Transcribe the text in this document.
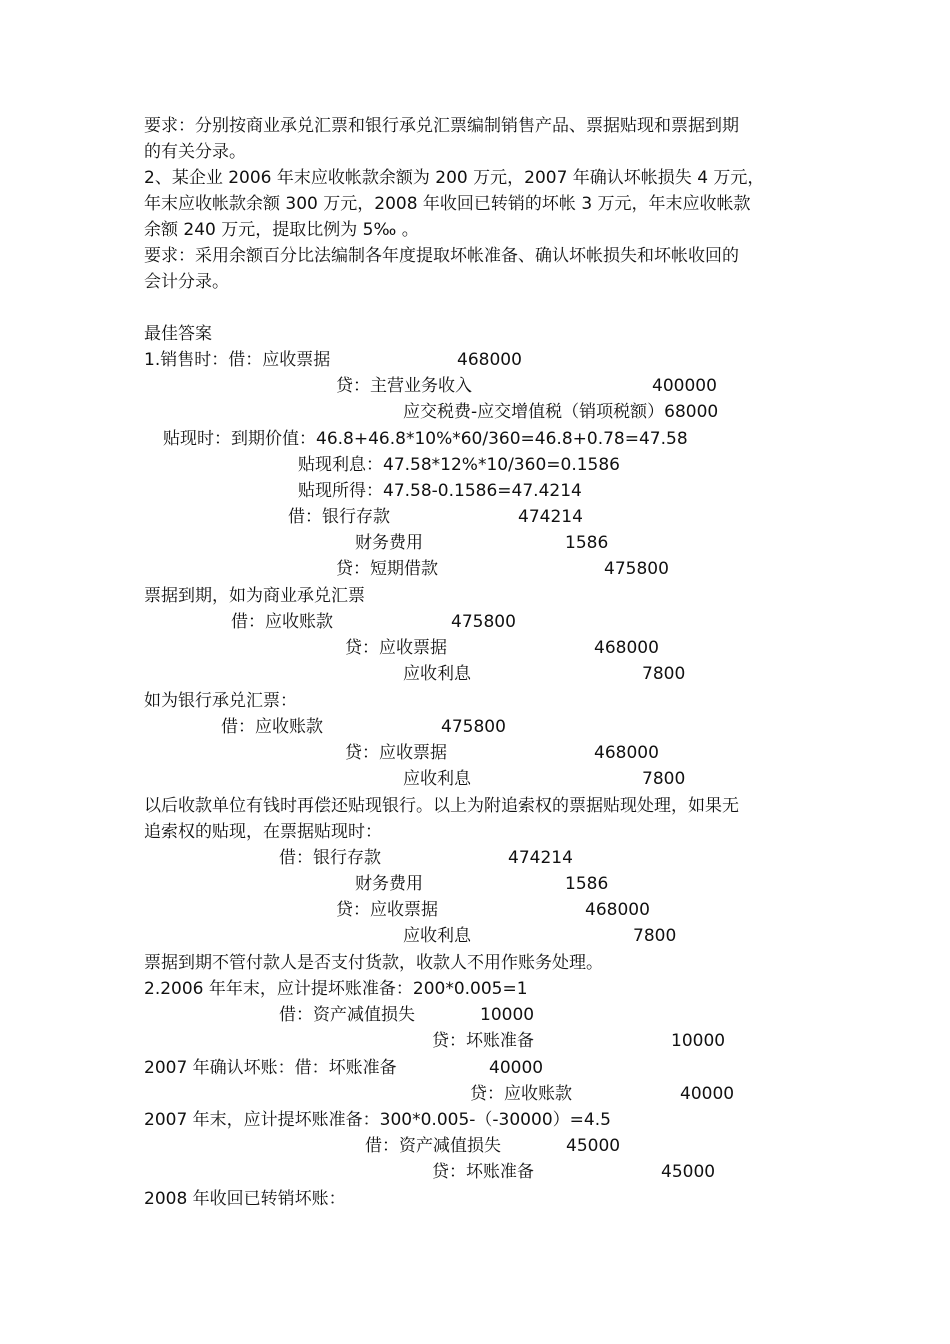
要求：分别按商业承兑汇票和银行承兑汇票编制销售产品、票据贴现和票据到期
的有关分录。
2、某企业 2006 年末应收帐款余额为 200 万元，2007 年确认坏帐损失 4 万元，
年末应收帐款余额 300 万元，2008 年收回已转销的坏帐 3 万元，年末应收帐款
余额 240 万元，提取比例为 5‰ 。
要求：采用余额百分比法编制各年度提取坏帐准备、确认坏帐损失和坏帐收回的
会计分录。
最佳答案
1.销售时：借：应收票据	468000
贷：主营业务收入	400000
应交税费-应交增值税（销项税额）68000
贴现时：到期价值：46.8+46.8*10%*60/360=46.8+0.78=47.58
贴现利息：47.58*12%*10/360=0.1586
贴现所得：47.58-0.1586=47.4214
借：银行存款	474214
财务费用	1586
贷：短期借款	475800
票据到期，如为商业承兑汇票
借：应收账款	475800
贷：应收票据	468000
应收利息	7800
如为银行承兑汇票：
借：应收账款	475800
贷：应收票据	468000
应收利息	7800
以后收款单位有钱时再偿还贴现银行。以上为附追索权的票据贴现处理，如果无
追索权的贴现，在票据贴现时：
借：银行存款	474214
财务费用	1586
贷：应收票据	468000
应收利息	7800
票据到期不管付款人是否支付货款，收款人不用作账务处理。
2.2006 年年末，应计提坏账准备：200*0.005=1
借：资产减值损失	10000
贷：坏账准备	10000
2007 年确认坏账：借：坏账准备	40000
贷：应收账款	40000
2007 年末，应计提坏账准备：300*0.005-（-30000）=4.5
借：资产减值损失	45000
贷：坏账准备	45000
2008 年收回已转销坏账：
